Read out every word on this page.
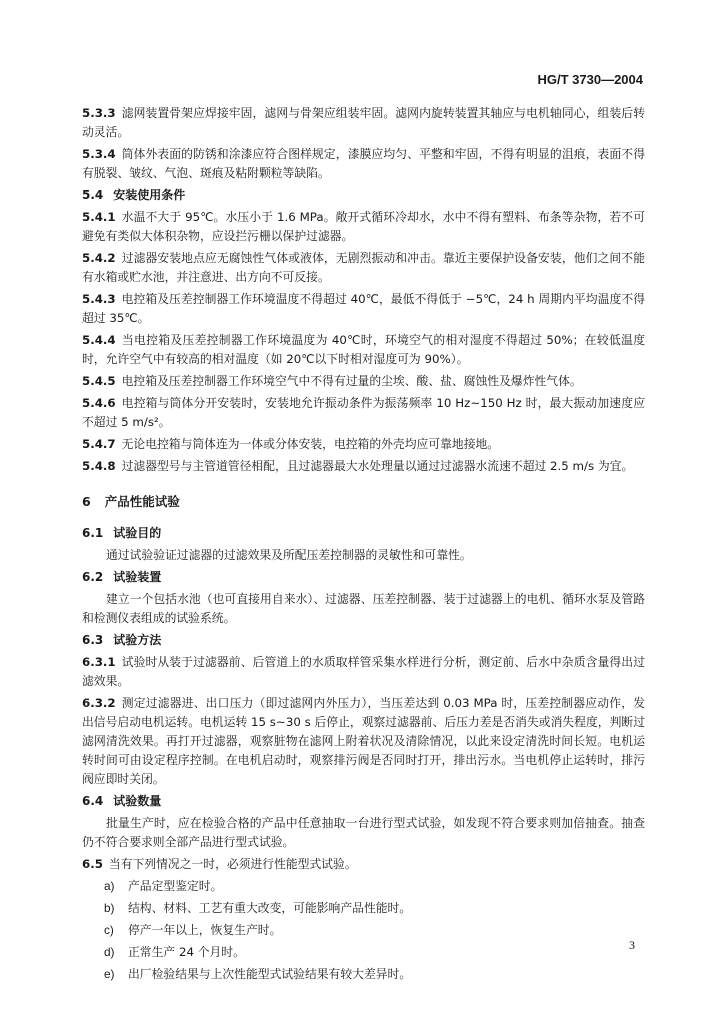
HG/T 3730—2004

5.3.3 滤网装置骨架应焊接牢固，滤网与骨架应组装牢固。滤网内旋转装置其轴应与电机轴同心，组装后转动灵活。

5.3.4 筒体外表面的防锈和涂漆应符合图样规定，漆膜应均匀、平整和牢固，不得有明显的沮痕，表面不得有脱裂、皱纹、气泡、斑痕及粘附颗粒等缺陷。

5.4 安装使用条件

5.4.1 水温不大于 95℃。水压小于 1.6 MPa。敞开式循环冷却水，水中不得有塑料、布条等杂物，若不可避免有类似大体积杂物，应设拦污栅以保护过滤器。

5.4.2 过滤器安装地点应无腐蚀性气体或液体，无剧烈振动和冲击。靠近主要保护设备安装，他们之间不能有水箱或贮水池，并注意进、出方向不可反接。

5.4.3 电控箱及压差控制器工作环境温度不得超过 40℃，最低不得低于 −5℃，24 h 周期内平均温度不得超过 35℃。

5.4.4 当电控箱及压差控制器工作环境温度为 40℃时，环境空气的相对湿度不得超过 50%；在较低温度时，允许空气中有较高的相对温度（如 20℃以下时相对湿度可为 90%）。

5.4.5 电控箱及压差控制器工作环境空气中不得有过量的尘埃、酸、盐、腐蚀性及爆炸性气体。

5.4.6 电控箱与筒体分开安装时，安装地允许振动条件为振荡频率 10 Hz~150 Hz 时，最大振动加速度应不超过 5 m/s²。

5.4.7 无论电控箱与筒体连为一体或分体安装，电控箱的外壳均应可靠地接地。

5.4.8 过滤器型号与主管道管径相配，且过滤器最大水处理量以通过过滤器水流速不超过 2.5 m/s 为宜。

6 产品性能试验
6.1 试验目的

通过试验验证过滤器的过滤效果及所配压差控制器的灵敏性和可靠性。

6.2 试验装置

建立一个包括水池（也可直接用自来水）、过滤器、压差控制器、装于过滤器上的电机、循环水泵及管路和检测仪表组成的试验系统。

6.3 试验方法

6.3.1 试验时从装于过滤器前、后管道上的水质取样管采集水样进行分析，测定前、后水中杂质含量得出过滤效果。

6.3.2 测定过滤器进、出口压力（即过滤网内外压力），当压差达到 0.03 MPa 时，压差控制器应动作，发出信号启动电机运转。电机运转 15 s~30 s 后停止，观察过滤器前、后压力差是否消失或消失程度，判断过滤网清洗效果。再打开过滤器，观察脏物在滤网上附着状况及清除情况，以此来设定清洗时间长短。电机运转时间可由设定程序控制。在电机启动时，观察排污阀是否同时打开，排出污水。当电机停止运转时，排污阀应即时关闭。

6.4 试验数量

批量生产时，应在检验合格的产品中任意抽取一台进行型式试验，如发现不符合要求则加倍抽查。抽查仍不符合要求则全部产品进行型式试验。

6.5 当有下列情况之一时，必须进行性能型式试验。

a) 产品定型鉴定时。
b) 结构、材料、工艺有重大改变，可能影响产品性能时。
c) 停产一年以上，恢复生产时。
d) 正常生产 24 个月时。
e) 出厂检验结果与上次性能型式试验结果有较大差异时。
3
